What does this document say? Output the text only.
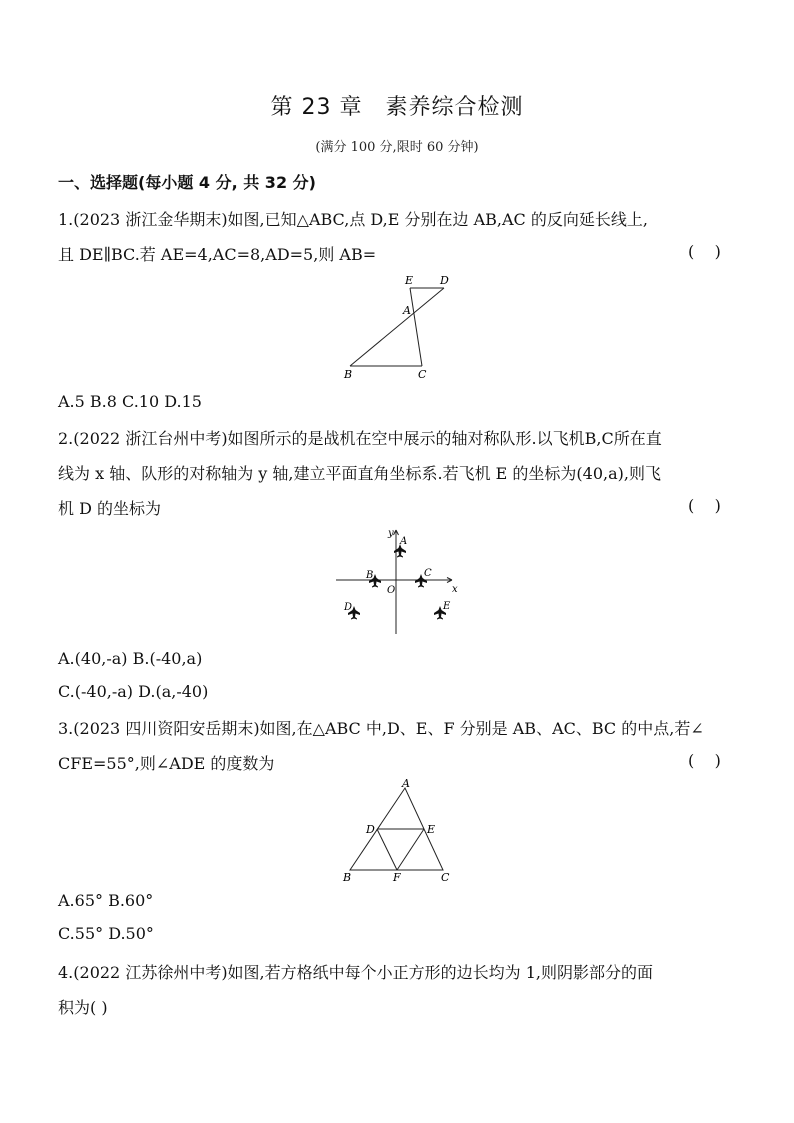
第 23 章　素养综合检测
(满分 100 分,限时 60 分钟)
一、选择题(每小题 4 分, 共 32 分)
1.(2023 浙江金华期末)如图,已知△ABC,点 D,E 分别在边 AB,AC 的反向延长线上,
且 DE∥BC.若 AE=4,AC=8,AD=5,则 AB=	(    )
E D
A
B	C
A.5 B.8 C.10 D.15
2.(2022 浙江台州中考)如图所示的是战机在空中展示的轴对称队形.以飞机B,C所在直
线为 x 轴、队形的对称轴为 y 轴,建立平面直角坐标系.若飞机 E 的坐标为(40,a),则飞
机 D 的坐标为	(    )
y
x
O
A
B	C
D	E
A.(40,-a) B.(-40,a)
C.(-40,-a) D.(a,-40)
3.(2023 四川资阳安岳期末)如图,在△ABC 中,D、E、F 分别是 AB、AC、BC 的中点,若∠
CFE=55°,则∠ADE 的度数为	(    )
A
D	E
B	F	C
A.65° B.60°
C.55° D.50°
4.(2022 江苏徐州中考)如图,若方格纸中每个小正方形的边长均为 1,则阴影部分的面
积为( )
